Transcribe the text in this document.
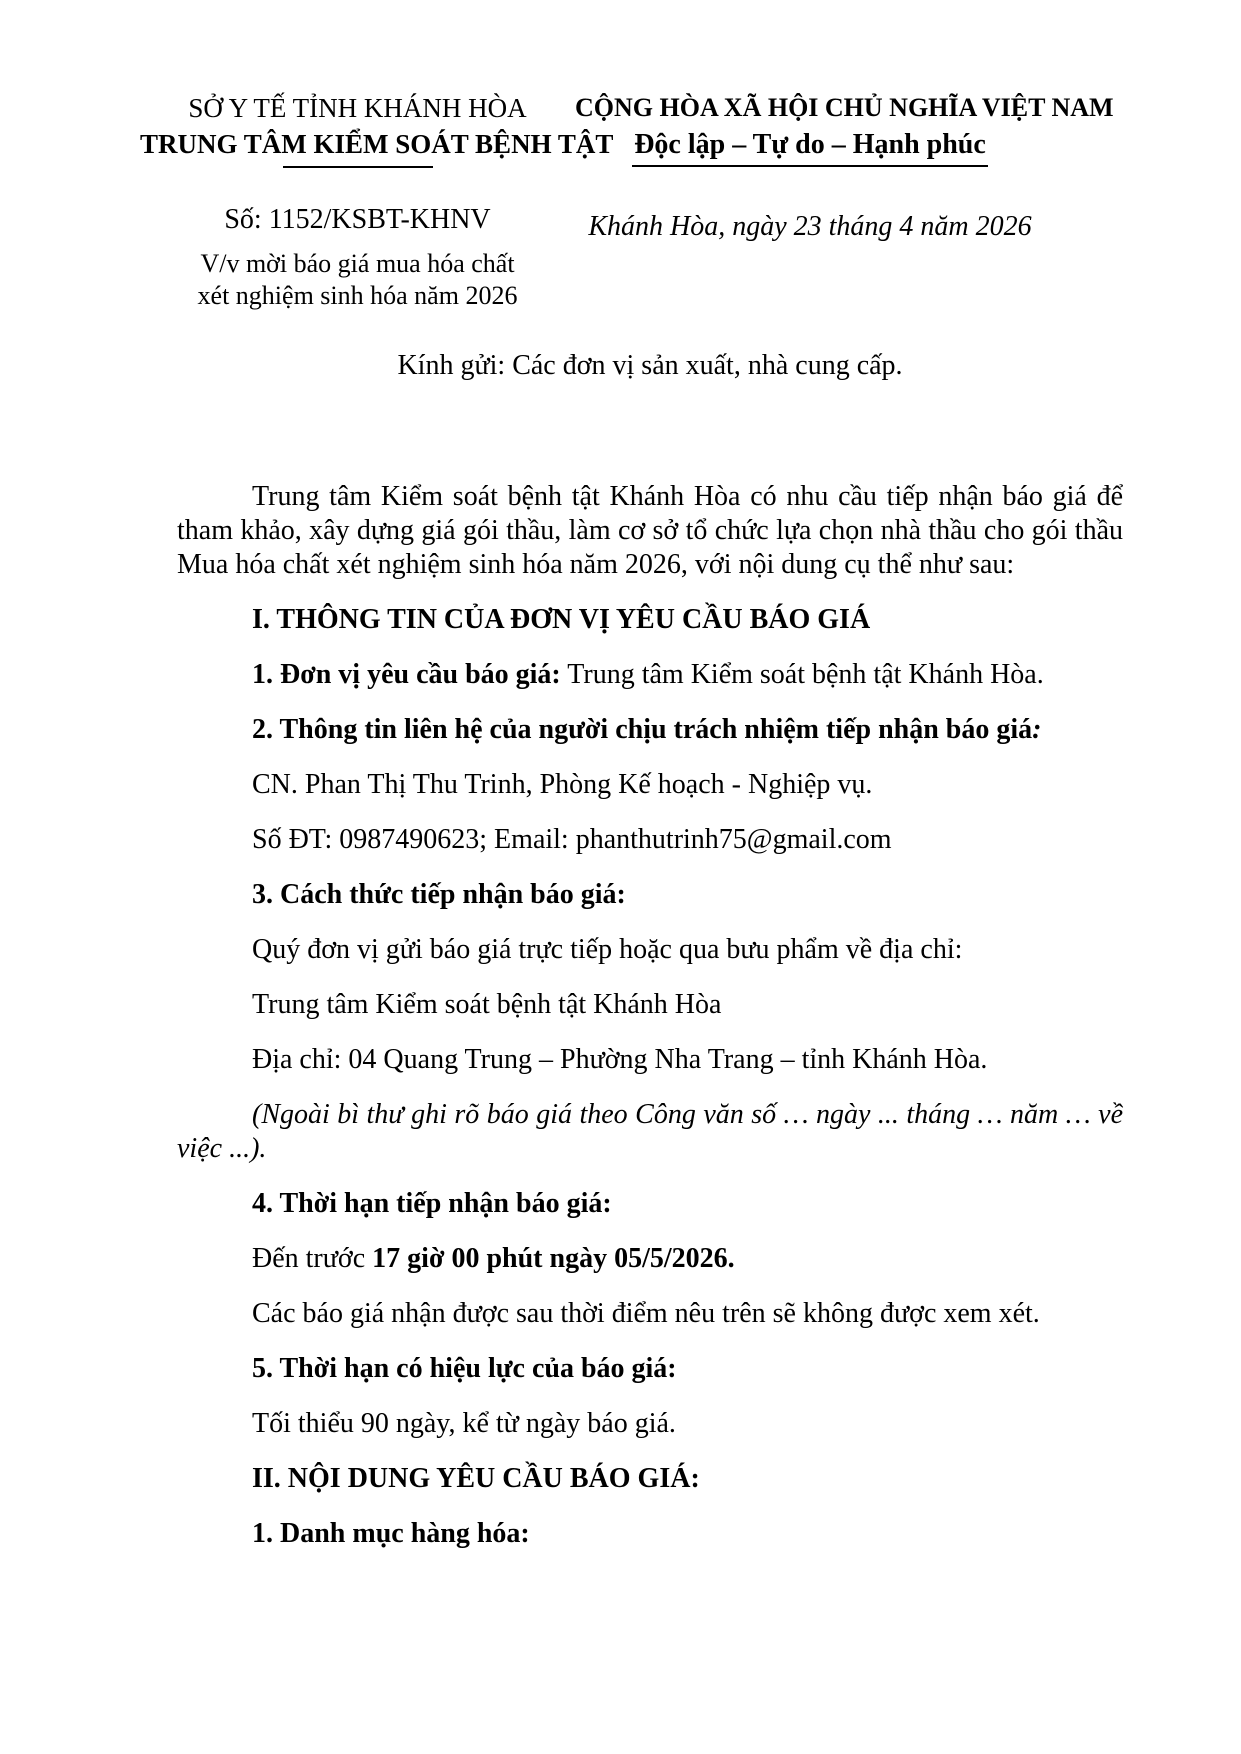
SỞ Y TẾ TỈNH KHÁNH HÒA
TRUNG TÂM KIỂM SOÁT BỆNH TẬT
Số: 1152/KSBT-KHNV
V/v mời báo giá mua hóa chất
xét nghiệm sinh hóa năm 2026
CỘNG HÒA XÃ HỘI CHỦ NGHĨA VIỆT NAM
Độc lập – Tự do – Hạnh phúc
Khánh Hòa, ngày 23 tháng 4 năm 2026
Kính gửi: Các đơn vị sản xuất, nhà cung cấp.

Trung tâm Kiểm soát bệnh tật Khánh Hòa có nhu cầu tiếp nhận báo giá để tham khảo, xây dựng giá gói thầu, làm cơ sở tổ chức lựa chọn nhà thầu cho gói thầu Mua hóa chất xét nghiệm sinh hóa năm 2026, với nội dung cụ thể như sau:

I. THÔNG TIN CỦA ĐƠN VỊ YÊU CẦU BÁO GIÁ

1. Đơn vị yêu cầu báo giá: Trung tâm Kiểm soát bệnh tật Khánh Hòa.

2. Thông tin liên hệ của người chịu trách nhiệm tiếp nhận báo giá:

CN. Phan Thị Thu Trinh, Phòng Kế hoạch - Nghiệp vụ.

Số ĐT: 0987490623; Email: phanthutrinh75@gmail.com

3. Cách thức tiếp nhận báo giá:

Quý đơn vị gửi báo giá trực tiếp hoặc qua bưu phẩm về địa chỉ:

Trung tâm Kiểm soát bệnh tật Khánh Hòa

Địa chỉ: 04 Quang Trung – Phường Nha Trang – tỉnh Khánh Hòa.

(Ngoài bì thư ghi rõ báo giá theo Công văn số … ngày ... tháng … năm … về việc ...).

4. Thời hạn tiếp nhận báo giá:

Đến trước 17 giờ 00 phút ngày 05/5/2026.

Các báo giá nhận được sau thời điểm nêu trên sẽ không được xem xét.

5. Thời hạn có hiệu lực của báo giá:

Tối thiểu 90 ngày, kể từ ngày báo giá.

II. NỘI DUNG YÊU CẦU BÁO GIÁ:

1. Danh mục hàng hóa:
